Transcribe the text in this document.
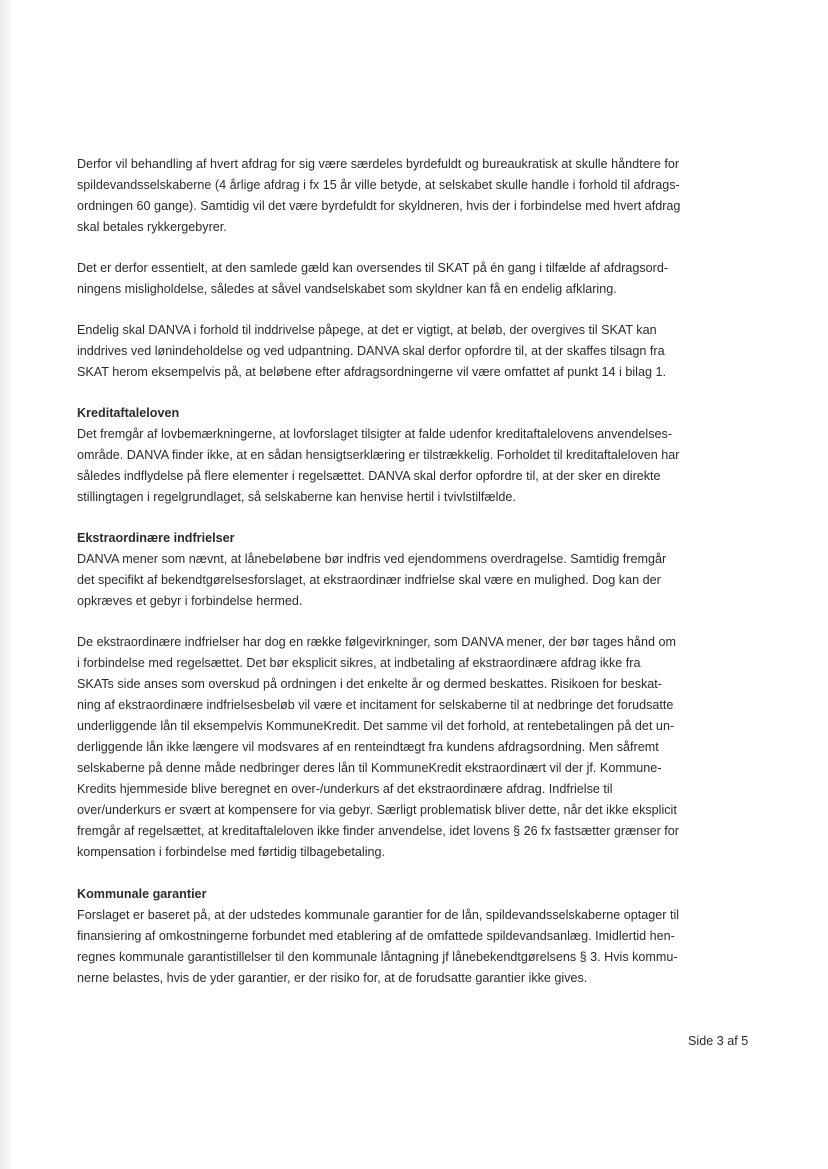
Derfor vil behandling af hvert afdrag for sig være særdeles byrdefuldt og bureaukratisk at skulle håndtere for
spildevandsselskaberne (4 årlige afdrag i fx 15 år ville betyde, at selskabet skulle handle i forhold til afdrags-
ordningen 60 gange). Samtidig vil det være byrdefuldt for skyldneren, hvis der i forbindelse med hvert afdrag
skal betales rykkergebyrer.

Det er derfor essentielt, at den samlede gæld kan oversendes til SKAT på én gang i tilfælde af afdragsord-
ningens misligholdelse, således at såvel vandselskabet som skyldner kan få en endelig afklaring.

Endelig skal DANVA i forhold til inddrivelse påpege, at det er vigtigt, at beløb, der overgives til SKAT kan
inddrives ved lønindeholdelse og ved udpantning. DANVA skal derfor opfordre til, at der skaffes tilsagn fra
SKAT herom eksempelvis på, at beløbene efter afdragsordningerne vil være omfattet af punkt 14 i bilag 1.

Kreditaftaleloven
Det fremgår af lovbemærkningerne, at lovforslaget tilsigter at falde udenfor kreditaftalelovens anvendelses-
område. DANVA finder ikke, at en sådan hensigtserklæring er tilstrækkelig. Forholdet til kreditaftaleloven har
således indflydelse på flere elementer i regelsættet. DANVA skal derfor opfordre til, at der sker en direkte
stillingtagen i regelgrundlaget, så selskaberne kan henvise hertil i tvivlstilfælde.

Ekstraordinære indfrielser
DANVA mener som nævnt, at lånebeløbene bør indfris ved ejendommens overdragelse. Samtidig fremgår
det specifikt af bekendtgørelsesforslaget, at ekstraordinær indfrielse skal være en mulighed. Dog kan der
opkræves et gebyr i forbindelse hermed.

De ekstraordinære indfrielser har dog en række følgevirkninger, som DANVA mener, der bør tages hånd om
i forbindelse med regelsættet. Det bør eksplicit sikres, at indbetaling af ekstraordinære afdrag ikke fra
SKATs side anses som overskud på ordningen i det enkelte år og dermed beskattes. Risikoen for beskat-
ning af ekstraordinære indfrielsesbeløb vil være et incitament for selskaberne til at nedbringe det forudsatte
underliggende lån til eksempelvis KommuneKredit. Det samme vil det forhold, at rentebetalingen på det un-
derliggende lån ikke længere vil modsvares af en renteindtægt fra kundens afdragsordning. Men såfremt
selskaberne på denne måde nedbringer deres lån til KommuneKredit ekstraordinært vil der jf. Kommune-
Kredits hjemmeside blive beregnet en over-/underkurs af det ekstraordinære afdrag. Indfrielse til
over/underkurs er svært at kompensere for via gebyr. Særligt problematisk bliver dette, når det ikke eksplicit
fremgår af regelsættet, at kreditaftaleloven ikke finder anvendelse, idet lovens § 26 fx fastsætter grænser for
kompensation i forbindelse med førtidig tilbagebetaling.

Kommunale garantier
Forslaget er baseret på, at der udstedes kommunale garantier for de lån, spildevandsselskaberne optager til
finansiering af omkostningerne forbundet med etablering af de omfattede spildevandsanlæg. Imidlertid hen-
regnes kommunale garantistillelser til den kommunale låntagning jf lånebekendtgørelsens § 3. Hvis kommu-
nerne belastes, hvis de yder garantier, er der risiko for, at de forudsatte garantier ikke gives.

Side 3 af 5
